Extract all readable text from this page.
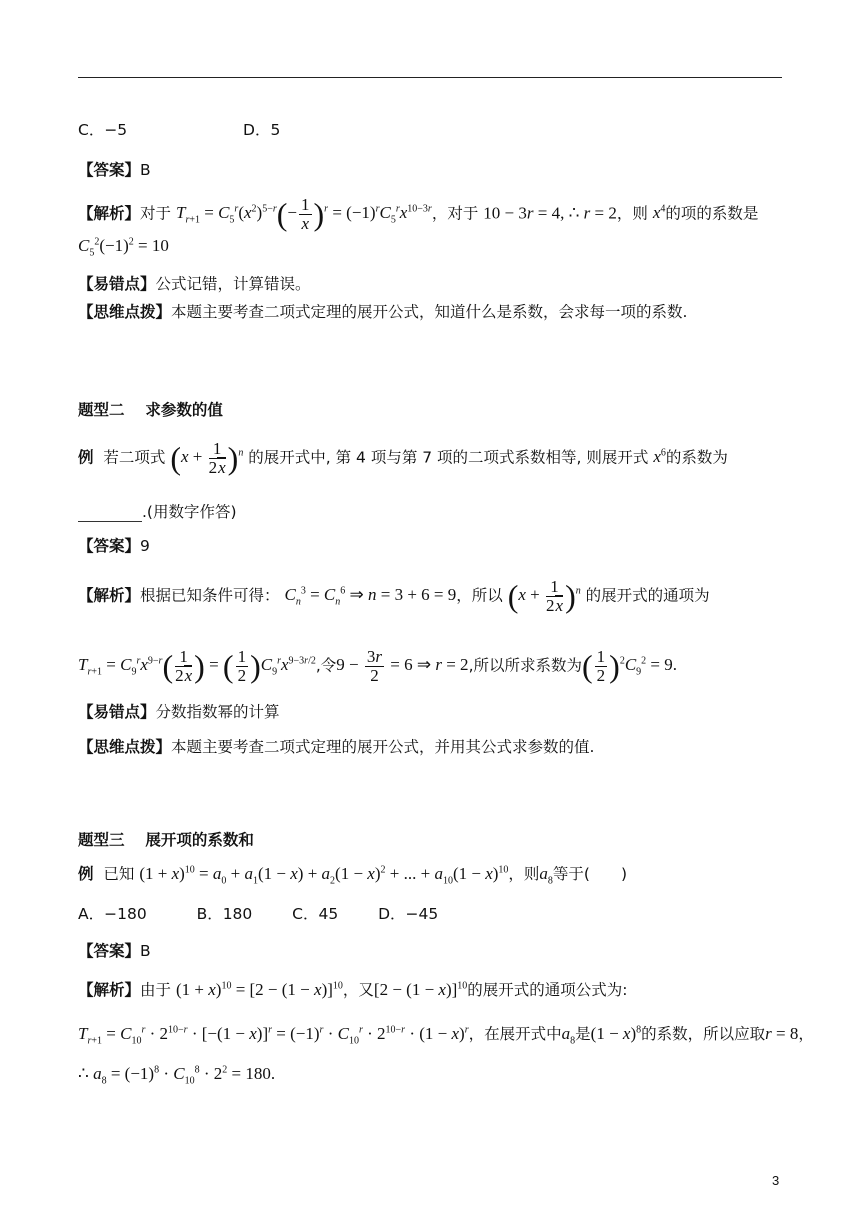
C．−5	D．5
【答案】B
【解析】对于 $T_{r+1} = C_5^r(x^2)^{5-r}(- \frac{1}{x} )^r = (-1)^rC_5^rx^{10-3r}$，对于 10 − 3r = 4, ∴ r = 2，则 $x^4$的项的系数是
$C_5^2(-1)^2 = 10$
【易错点】公式记错，计算错误。
【思维点拨】本题主要考查二项式定理的展开公式，知道什么是系数，会求每一项的系数.
题型二　 求参数的值
例 若二项式 $(x + \frac{1}{2x} )^n$ 的展开式中, 第 4 项与第 7 项的二项式系数相等, 则展开式 $x^6$的系数为
.(用数字作答)
【答案】9
【解析】根据已知条件可得： $C_n^3 = C_n^6$ ⇒ n = 3 + 6 = 9，所以 $(x + \frac{1}{2x} )^n$ 的展开式的通项为
$T_{r+1} = C_9^rx^{9-r}( \frac{1}{2x}$ ) = ( $\frac{1}{2} )C_9^rx^{9-3r/2}$,令$9 - \frac{3r}{2} = 6$ ⇒ r = 2,所以所求系数为( $\frac{1}{2} )^2C_9^2 = 9$.
【易错点】分数指数幂的计算
【思维点拨】本题主要考查二项式定理的展开公式，并用其公式求参数的值.
题型三　 展开项的系数和
例 已知 $(1 + x)^{10} = a_0 + a_1(1 - x) + a_2(1 - x)^2$ + ... + $a_{10}(1 - x)^{10}$，则$a_8$等于(　　)
A．−180	B．180	C．45	D．−45
【答案】B
【解析】由于 $(1 + x)^{10} = [2 - (1 - x)]^{10}$，又$[2 - (1 - x)]^{10}$的展开式的通项公式为:
$T_{r+1} = C_{10}^r \cdot 2^{10-r} \cdot [-(1 - x)]^r = (-1)^r \cdot C_{10}^r \cdot 2^{10-r} \cdot (1 - x)^r$，在展开式中$a_8$是$(1 - x)^8$的系数，所以应取r = 8，
∴ $a_8 = (-1)^8 \cdot C_{10}^8 \cdot 2^2 = 180$.
3
